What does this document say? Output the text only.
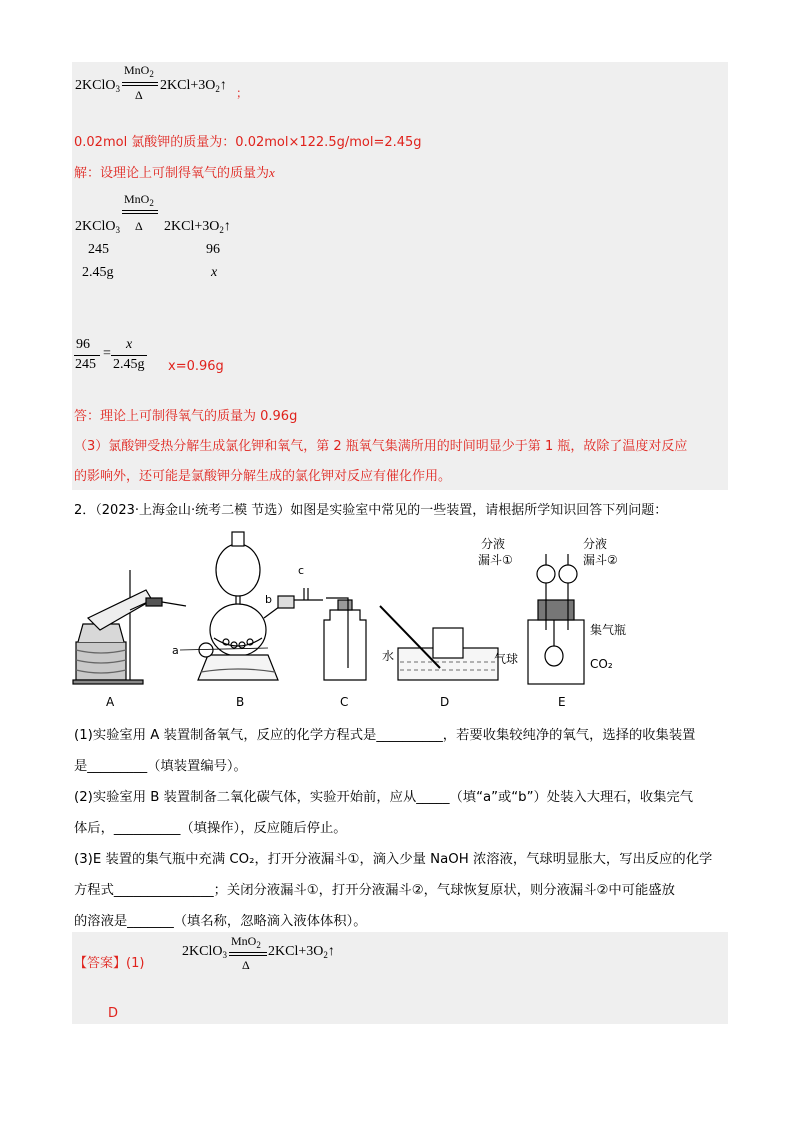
2KClO$_3$
MnO$_2$
Δ
$2KCl+3O_2↑$ ；
0.02mol 氯酸钾的质量为：0.02mol×122.5g/mol=2.45g
解：设理论上可制得氧气的质量为x
MnO$_2$
2KClO$_3$ Δ $2KCl+3O_2↑$
245	96
2.45g	x
96
245
=
x
2.45g x=0.96g
答：理论上可制得氧气的质量为 0.96g
（3）氯酸钾受热分解生成氯化钾和氧气，第 2 瓶氧气集满所用的时间明显少于第 1 瓶，故除了温度对反应
的影响外，还可能是氯酸钾分解生成的氯化钾对反应有催化作用。
2．（2023·上海金山·统考二模 节选）如图是实验室中常见的一些装置，请根据所学知识回答下列问题：
a
b
c
水
分液
漏斗①
分液
漏斗②
集气瓶
气球	CO₂
A	B	C	D	E
(1)实验室用 A 装置制备氧气，反应的化学方程式是__________，若要收集较纯净的氧气，选择的收集装置
是_________（填装置编号）。
(2)实验室用 B 装置制备二氧化碳气体，实验开始前，应从_____（填“a”或“b”）处装入大理石，收集完气
体后，__________（填操作），反应随后停止。
(3)E 装置的集气瓶中充满 CO₂，打开分液漏斗①，滴入少量 NaOH 浓溶液，气球明显胀大，写出反应的化学
方程式_______________；关闭分液漏斗①，打开分液漏斗②，气球恢复原状，则分液漏斗②中可能盛放
的溶液是_______（填名称，忽略滴入液体体积）。
【答案】(1)
MnO$_2$
2KClO$_3$
Δ
$2KCl+3O_2↑$
D
